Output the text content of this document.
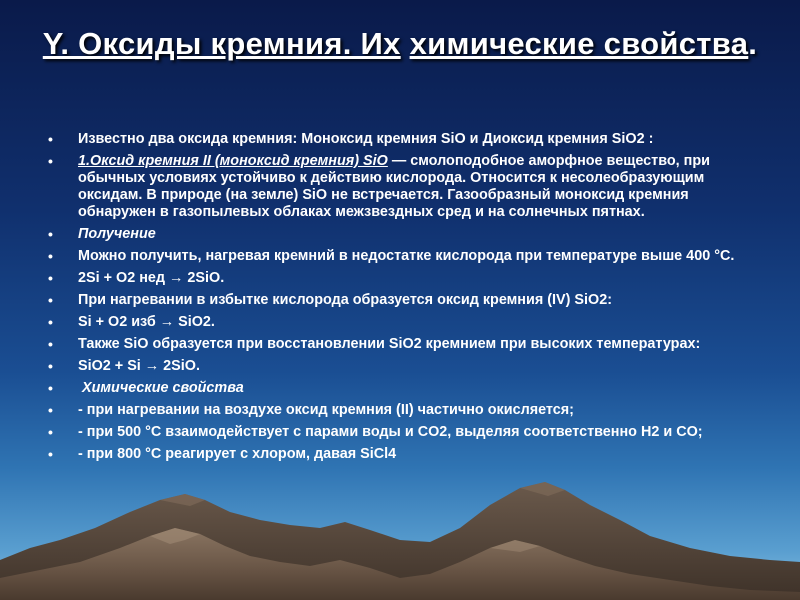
Y. Оксиды кремния. Их химические свойства.
• Известно два оксида кремния: Моноксид кремния SiO и Диоксид кремния SiO2 :
• 1.Оксид кремния II (моноксид кремния) SiO — смолоподобное аморфное вещество, при обычных условиях устойчиво к действию кислорода. Относится к несолеобразующим оксидам. В природе (на земле) SiO не встречается. Газообразный моноксид кремния обнаружен в газопылевых облаках межзвездных сред и на солнечных пятнах.
• Получение
• Можно получить, нагревая кремний в недостатке кислорода при температуре выше 400 °C.
• 2Si + O2 нед → 2SiO.
• При нагревании в избытке кислорода образуется оксид кремния (IV) SiO2:
• Si + O2 изб → SiO2.
• Также SiO образуется при восстановлении SiO2 кремнием при высоких температурах:
• SiO2 + Si → 2SiO.
•  Химические свойства
• - при нагревании на воздухе оксид кремния (II) частично окисляется;
• - при 500 °C взаимодействует с парами воды и CO2, выделяя соответственно H2 и CO;
• - при 800 °C реагирует с хлором, давая SiCl4
